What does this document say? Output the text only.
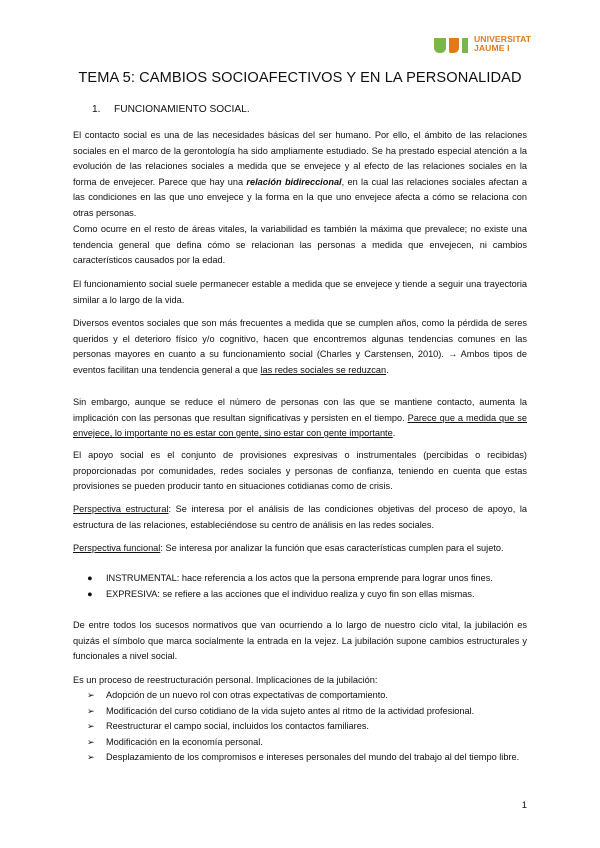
UNIVERSITAT
JAUME I
TEMA 5: CAMBIOS SOCIOAFECTIVOS Y EN LA PERSONALIDAD
1. FUNCIONAMIENTO SOCIAL.
El contacto social es una de las necesidades básicas del ser humano. Por ello, el ámbito de las relaciones sociales en el marco de la gerontología ha sido ampliamente estudiado. Se ha prestado especial atención a la evolución de las relaciones sociales a medida que se envejece y al efecto de las relaciones sociales en la forma de envejecer. Parece que hay una relación bidireccional, en la cual las relaciones sociales afectan a las condiciones en las que uno envejece y la forma en la que uno envejece afecta a cómo se relaciona con otras personas.
Como ocurre en el resto de áreas vitales, la variabilidad es también la máxima que prevalece; no existe una tendencia general que defina cómo se relacionan las personas a medida que envejecen, ni cambios característicos causados por la edad.
El funcionamiento social suele permanecer estable a medida que se envejece y tiende a seguir una trayectoria similar a lo largo de la vida.
Diversos eventos sociales que son más frecuentes a medida que se cumplen años, como la pérdida de seres queridos y el deterioro físico y/o cognitivo, hacen que encontremos algunas tendencias comunes en las personas mayores en cuanto a su funcionamiento social (Charles y Carstensen, 2010). → Ambos tipos de eventos facilitan una tendencia general a que las redes sociales se reduzcan.
Sin embargo, aunque se reduce el número de personas con las que se mantiene contacto, aumenta la implicación con las personas que resultan significativas y persisten en el tiempo. Parece que a medida que se envejece, lo importante no es estar con gente, sino estar con gente importante.
El apoyo social es el conjunto de provisiones expresivas o instrumentales (percibidas o recibidas) proporcionadas por comunidades, redes sociales y personas de confianza, teniendo en cuenta que estas provisiones se pueden producir tanto en situaciones cotidianas como de crisis.
Perspectiva estructural: Se interesa por el análisis de las condiciones objetivas del proceso de apoyo, la estructura de las relaciones, estableciéndose su centro de análisis en las redes sociales.
Perspectiva funcional: Se interesa por analizar la función que esas características cumplen para el sujeto.
● INSTRUMENTAL: hace referencia a los actos que la persona emprende para lograr unos fines.
● EXPRESIVA: se refiere a las acciones que el individuo realiza y cuyo fin son ellas mismas.
De entre todos los sucesos normativos que van ocurriendo a lo largo de nuestro ciclo vital, la jubilación es quizás el símbolo que marca socialmente la entrada en la vejez. La jubilación supone cambios estructurales y funcionales a nivel social.
Es un proceso de reestructuración personal. Implicaciones de la jubilación:
➢ Adopción de un nuevo rol con otras expectativas de comportamiento.
➢ Modificación del curso cotidiano de la vida sujeto antes al ritmo de la actividad profesional.
➢ Reestructurar el campo social, incluidos los contactos familiares.
➢ Modificación en la economía personal.
➢ Desplazamiento de los compromisos e intereses personales del mundo del trabajo al del tiempo libre.
1
